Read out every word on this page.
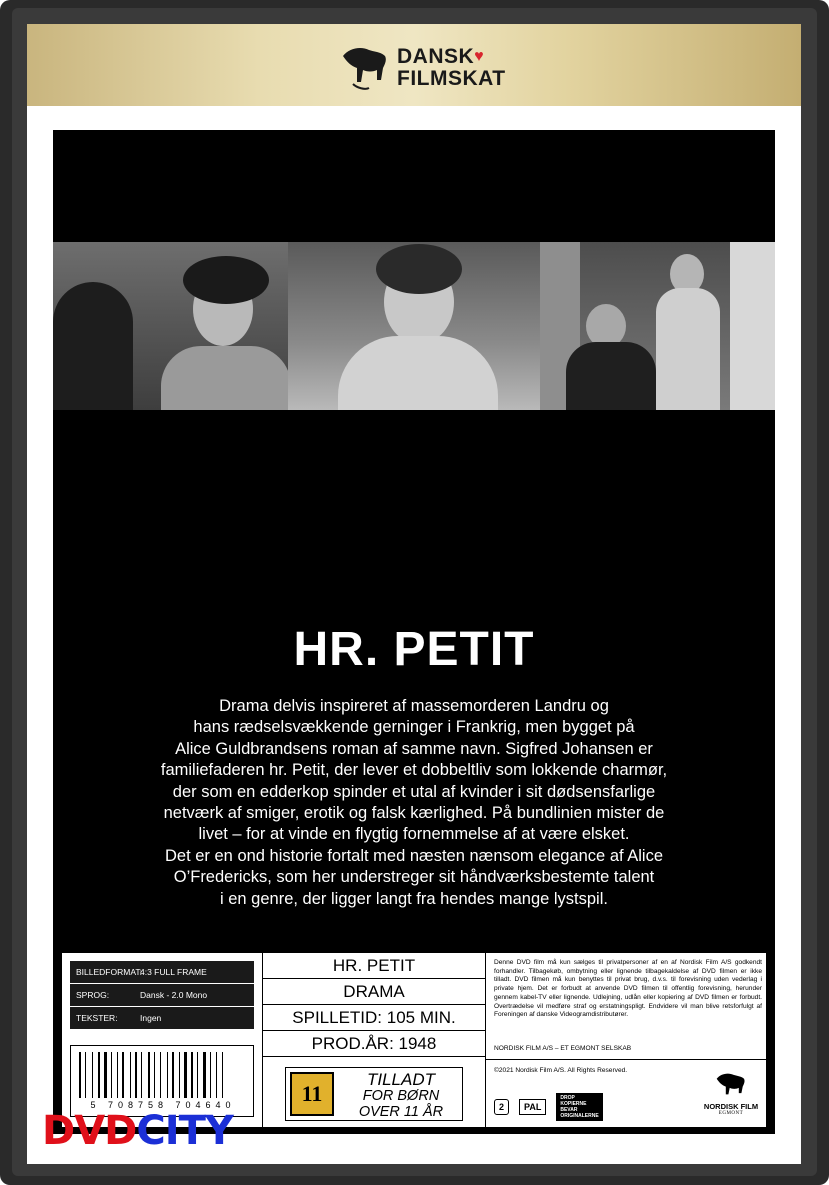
DANSK♥
FILMSKAT
HR. PETIT
Drama delvis inspireret af massemorderen Landru og
hans rædselsvækkende gerninger i Frankrig, men bygget på
Alice Guldbrandsens roman af samme navn. Sigfred Johansen er
familiefaderen hr. Petit, der lever et dobbeltliv som lokkende charmør,
der som en edderkop spinder et utal af kvinder i sit dødsensfarlige
netværk af smiger, erotik og falsk kærlighed. På bundlinien mister de
livet – for at vinde en flygtig fornemmelse af at være elsket.
Det er en ond historie fortalt med næsten nænsom elegance af Alice
O’Fredericks, som her understreger sit håndværksbestemte talent
i en genre, der ligger langt fra hendes mange lystspil.
BILLEDFORMAT:4:3 FULL FRAME
SPROG:	Dansk - 2.0 Mono
TEKSTER:	Ingen
5 708758 704640
HR. PETIT
DRAMA
SPILLETID: 105 MIN.
PROD.ÅR: 1948
11
TILLADT
FOR BØRN
OVER 11 ÅR
Denne DVD film må kun sælges til privatpersoner af en af Nordisk Film A/S godkendt forhandler. Tilbagekøb, ombytning eller lignende tilbagekaldelse af DVD filmen er ikke tilladt. DVD filmen må kun benyttes til privat brug, d.v.s. til forevisning uden vederlag i private hjem. Det er forbudt at anvende DVD filmen til offentlig forevisning, herunder gennem kabel-TV eller lignende. Udlejning, udlån eller kopiering af DVD filmen er forbudt. Overtrædelse vil medføre straf og erstatningspligt. Endvidere vil man blive retsforfulgt af Foreningen af danske Videogramdistributører.
NORDISK FILM A/S – ET EGMONT SELSKAB
©2021 Nordisk Film A/S. All Rights Reserved.
2	PAL
DROP
KOPIERNE
BEVAR
ORIGINALERNE
NORDISK FILM
EGMONT
DVDCITY
